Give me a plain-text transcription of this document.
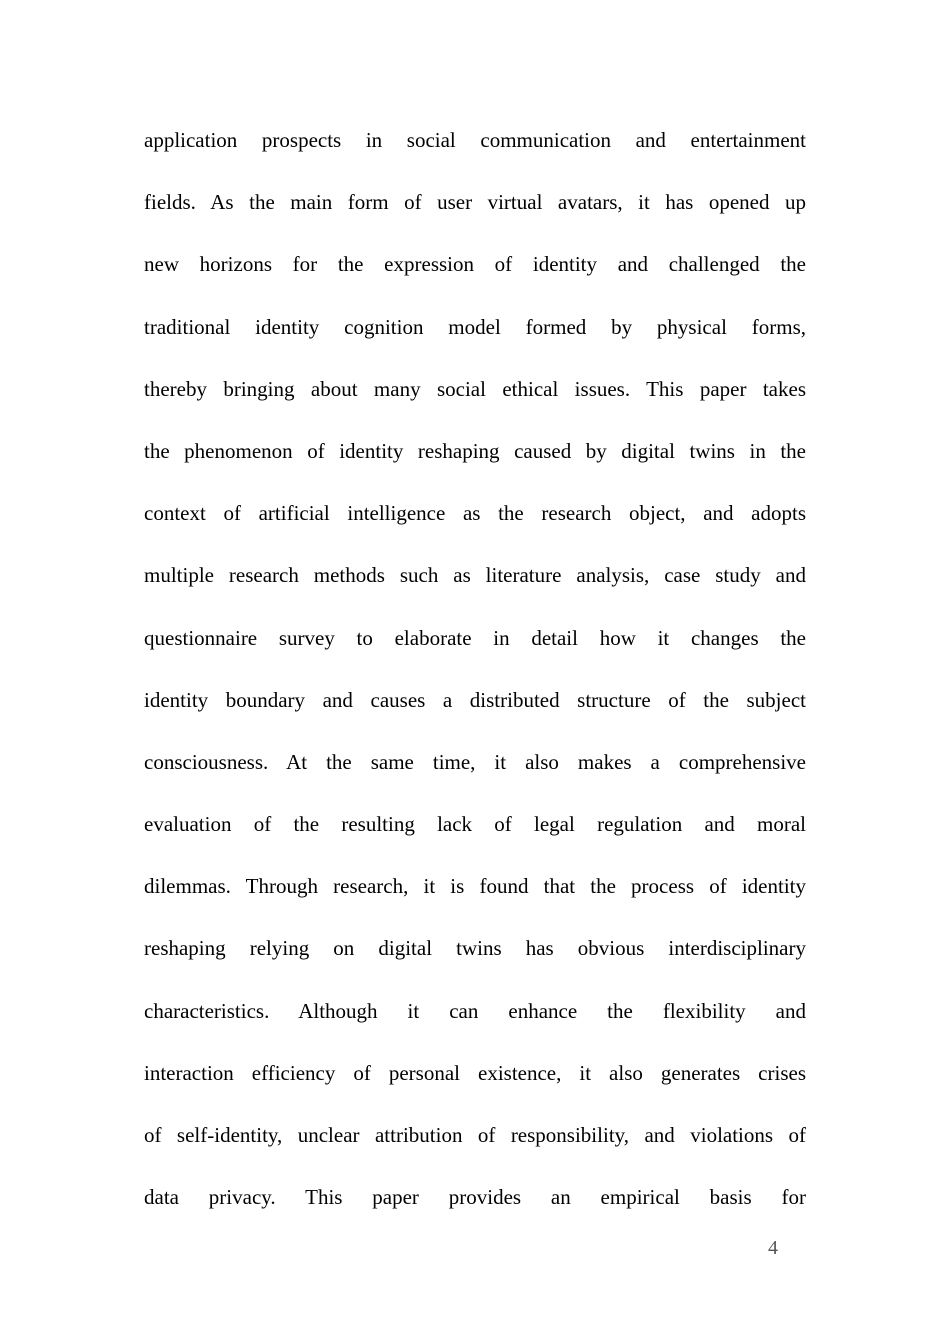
application prospects in social communication and entertainment
fields. As the main form of user virtual avatars, it has opened up
new horizons for the expression of identity and challenged the
traditional identity cognition model formed by physical forms,
thereby bringing about many social ethical issues. This paper takes
the phenomenon of identity reshaping caused by digital twins in the
context of artificial intelligence as the research object, and adopts
multiple research methods such as literature analysis, case study and
questionnaire survey to elaborate in detail how it changes the
identity boundary and causes a distributed structure of the subject
consciousness. At the same time, it also makes a comprehensive
evaluation of the resulting lack of legal regulation and moral
dilemmas. Through research, it is found that the process of identity
reshaping relying on digital twins has obvious interdisciplinary
characteristics. Although it can enhance the flexibility and
interaction efficiency of personal existence, it also generates crises
of self-identity, unclear attribution of responsibility, and violations of
data privacy. This paper provides an empirical basis for
4
